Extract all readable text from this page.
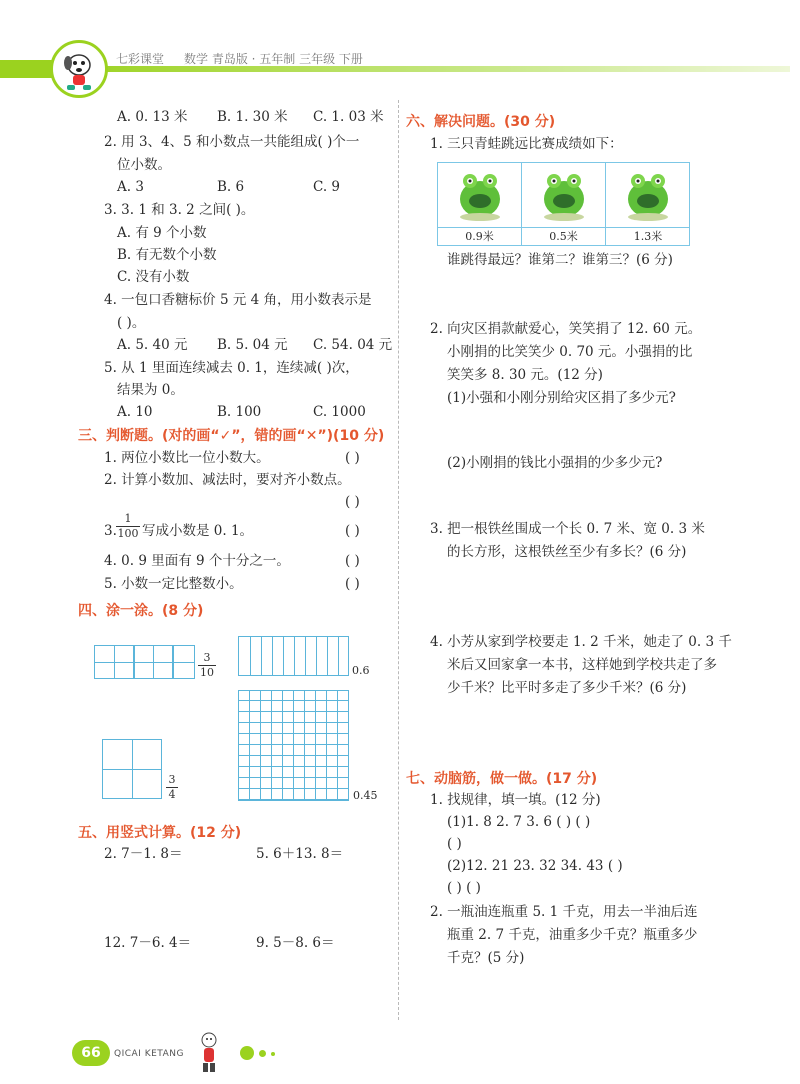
七彩课堂 数学 青岛版 · 五年制 三年级 下册
A. 0. 13 米 B. 1. 30 米 C. 1. 03 米
2. 用 3、4、5 和小数点一共能组成( )个一
位小数。
A. 3	B. 6	C. 9
3. 3. 1 和 3. 2 之间( )。
A. 有 9 个小数
B. 有无数个小数
C. 没有小数
4. 一包口香糖标价 5 元 4 角，用小数表示是
( )。
A. 5. 40 元 B. 5. 04 元 C. 54. 04 元
5. 从 1 里面连续减去 0. 1，连续减( )次，
结果为 0。
A. 10	B. 100	C. 1000
三、判断题。(对的画“✓”，错的画“✕”)(10 分)
1. 两位小数比一位小数大。	( )
2. 计算小数加、减法时，要对齐小数点。
( )
3.
1
100 写成小数是 0. 1。	( )
4. 0. 9 里面有 9 个十分之一。	( )
5. 小数一定比整数小。	( )
四、涂一涂。(8 分)
3
10	0.6
0.45
3
4
五、用竖式计算。(12 分)
2. 7－1. 8＝	5. 6＋13. 8＝
12. 7－6. 4＝	9. 5－8. 6＝
六、解决问题。(30 分)
1. 三只青蛙跳远比赛成绩如下：
0.9米	0.5米	1.3米
谁跳得最远？谁第二？谁第三？(6 分)
2. 向灾区捐款献爱心，笑笑捐了 12. 60 元。
小刚捐的比笑笑少 0. 70 元。小强捐的比
笑笑多 8. 30 元。(12 分)
(1)小强和小刚分别给灾区捐了多少元?
(2)小刚捐的钱比小强捐的少多少元?
3. 把一根铁丝围成一个长 0. 7 米、宽 0. 3 米
的长方形，这根铁丝至少有多长？(6 分)
4. 小芳从家到学校要走 1. 2 千米，她走了 0. 3 千
米后又回家拿一本书，这样她到学校共走了多
少千米？比平时多走了多少千米？(6 分)
七、动脑筋，做一做。(17 分)
1. 找规律，填一填。(12 分)
(1)1. 8 2. 7 3. 6 ( ) ( )
( )
(2)12. 21 23. 32 34. 43 ( )
( ) ( )
2. 一瓶油连瓶重 5. 1 千克，用去一半油后连
瓶重 2. 7 千克，油重多少千克？瓶重多少
千克？(5 分)
66	QICAI KETANG
